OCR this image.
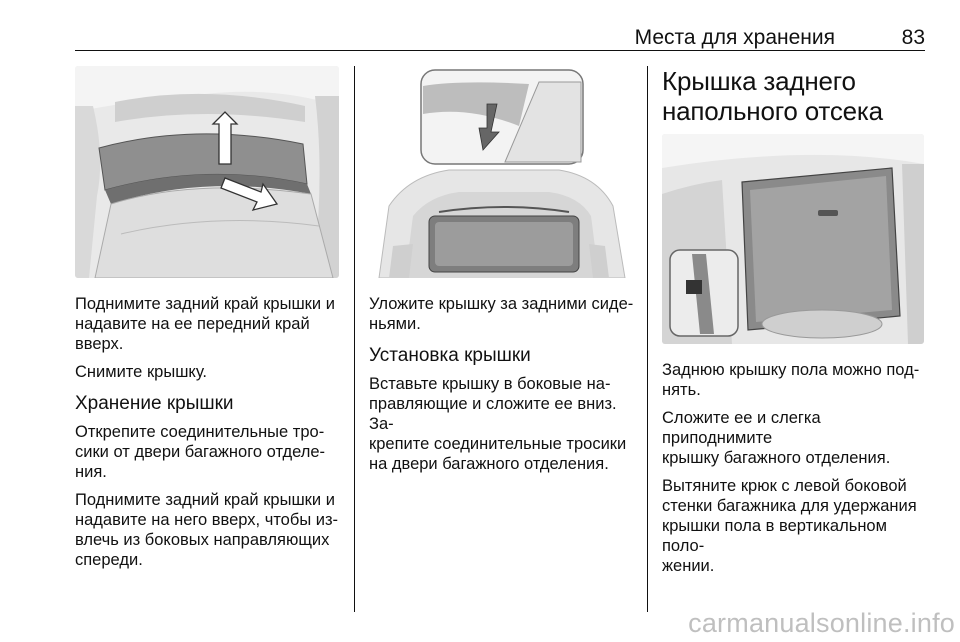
Места для хранения	83

Поднимите задний край крышки и
надавите на ее передний край
вверх.

Снимите крышку.

Хранение крышки

Открепите соединительные тро-
сики от двери багажного отделе-
ния.

Поднимите задний край крышки и
надавите на него вверх, чтобы из-
влечь из боковых направляющих
спереди.

Уложите крышку за задними сиде-
ньями.

Установка крышки

Вставьте крышку в боковые на-
правляющие и сложите ее вниз. За-
крепите соединительные тросики
на двери багажного отделения.

Крышка заднего
напольного отсека

Заднюю крышку пола можно под-
нять.

Сложите ее и слегка приподнимите
крышку багажного отделения.

Вытяните крюк с левой боковой
стенки багажника для удержания
крышки пола в вертикальном поло-
жении.

carmanualsonline.info
